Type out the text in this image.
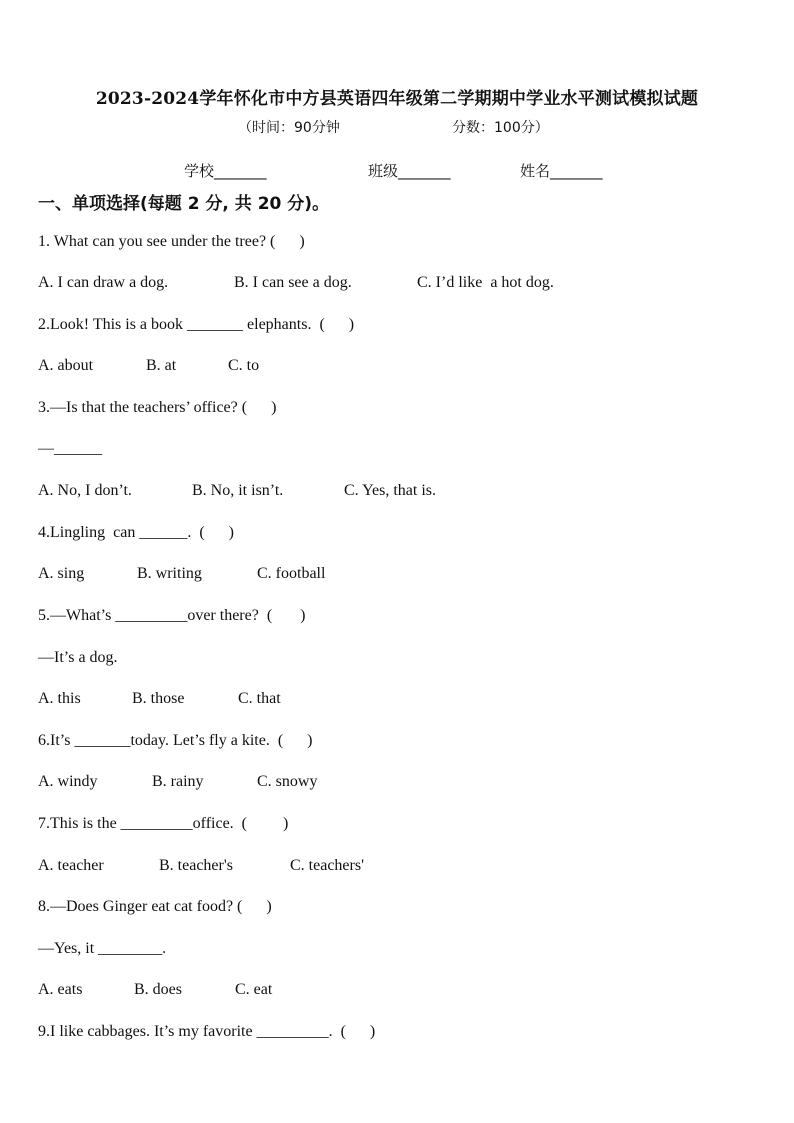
2023-2024学年怀化市中方县英语四年级第二学期期中学业水平测试模拟试题
（时间：90分钟	分数：100分）
学校_______	班级_______	姓名_______
一、单项选择(每题 2 分, 共 20 分)。
1. What can you see under the tree? (      )
A. I can draw a dog.	B. I can see a dog.	C. I’d like  a hot dog.
2.Look! This is a book _______ elephants.  (      )
A. about	B. at	C. to
3.—Is that the teachers’ office? (      )
—______
A. No, I don’t.	B. No, it isn’t.	C. Yes, that is.
4.Lingling  can ______.  (      )
A. sing	B. writing	C. football
5.—What’s _________over there?  (       )
—It’s a dog.
A. this	B. those	C. that
6.It’s _______today. Let’s fly a kite.  (      )
A. windy	B. rainy	C. snowy
7.This is the _________office.  (         )
A. teacher	B. teacher's	C. teachers'
8.—Does Ginger eat cat food? (      )
—Yes, it ________.
A. eats	B. does	C. eat
9.I like cabbages. It’s my favorite _________.  (      )
